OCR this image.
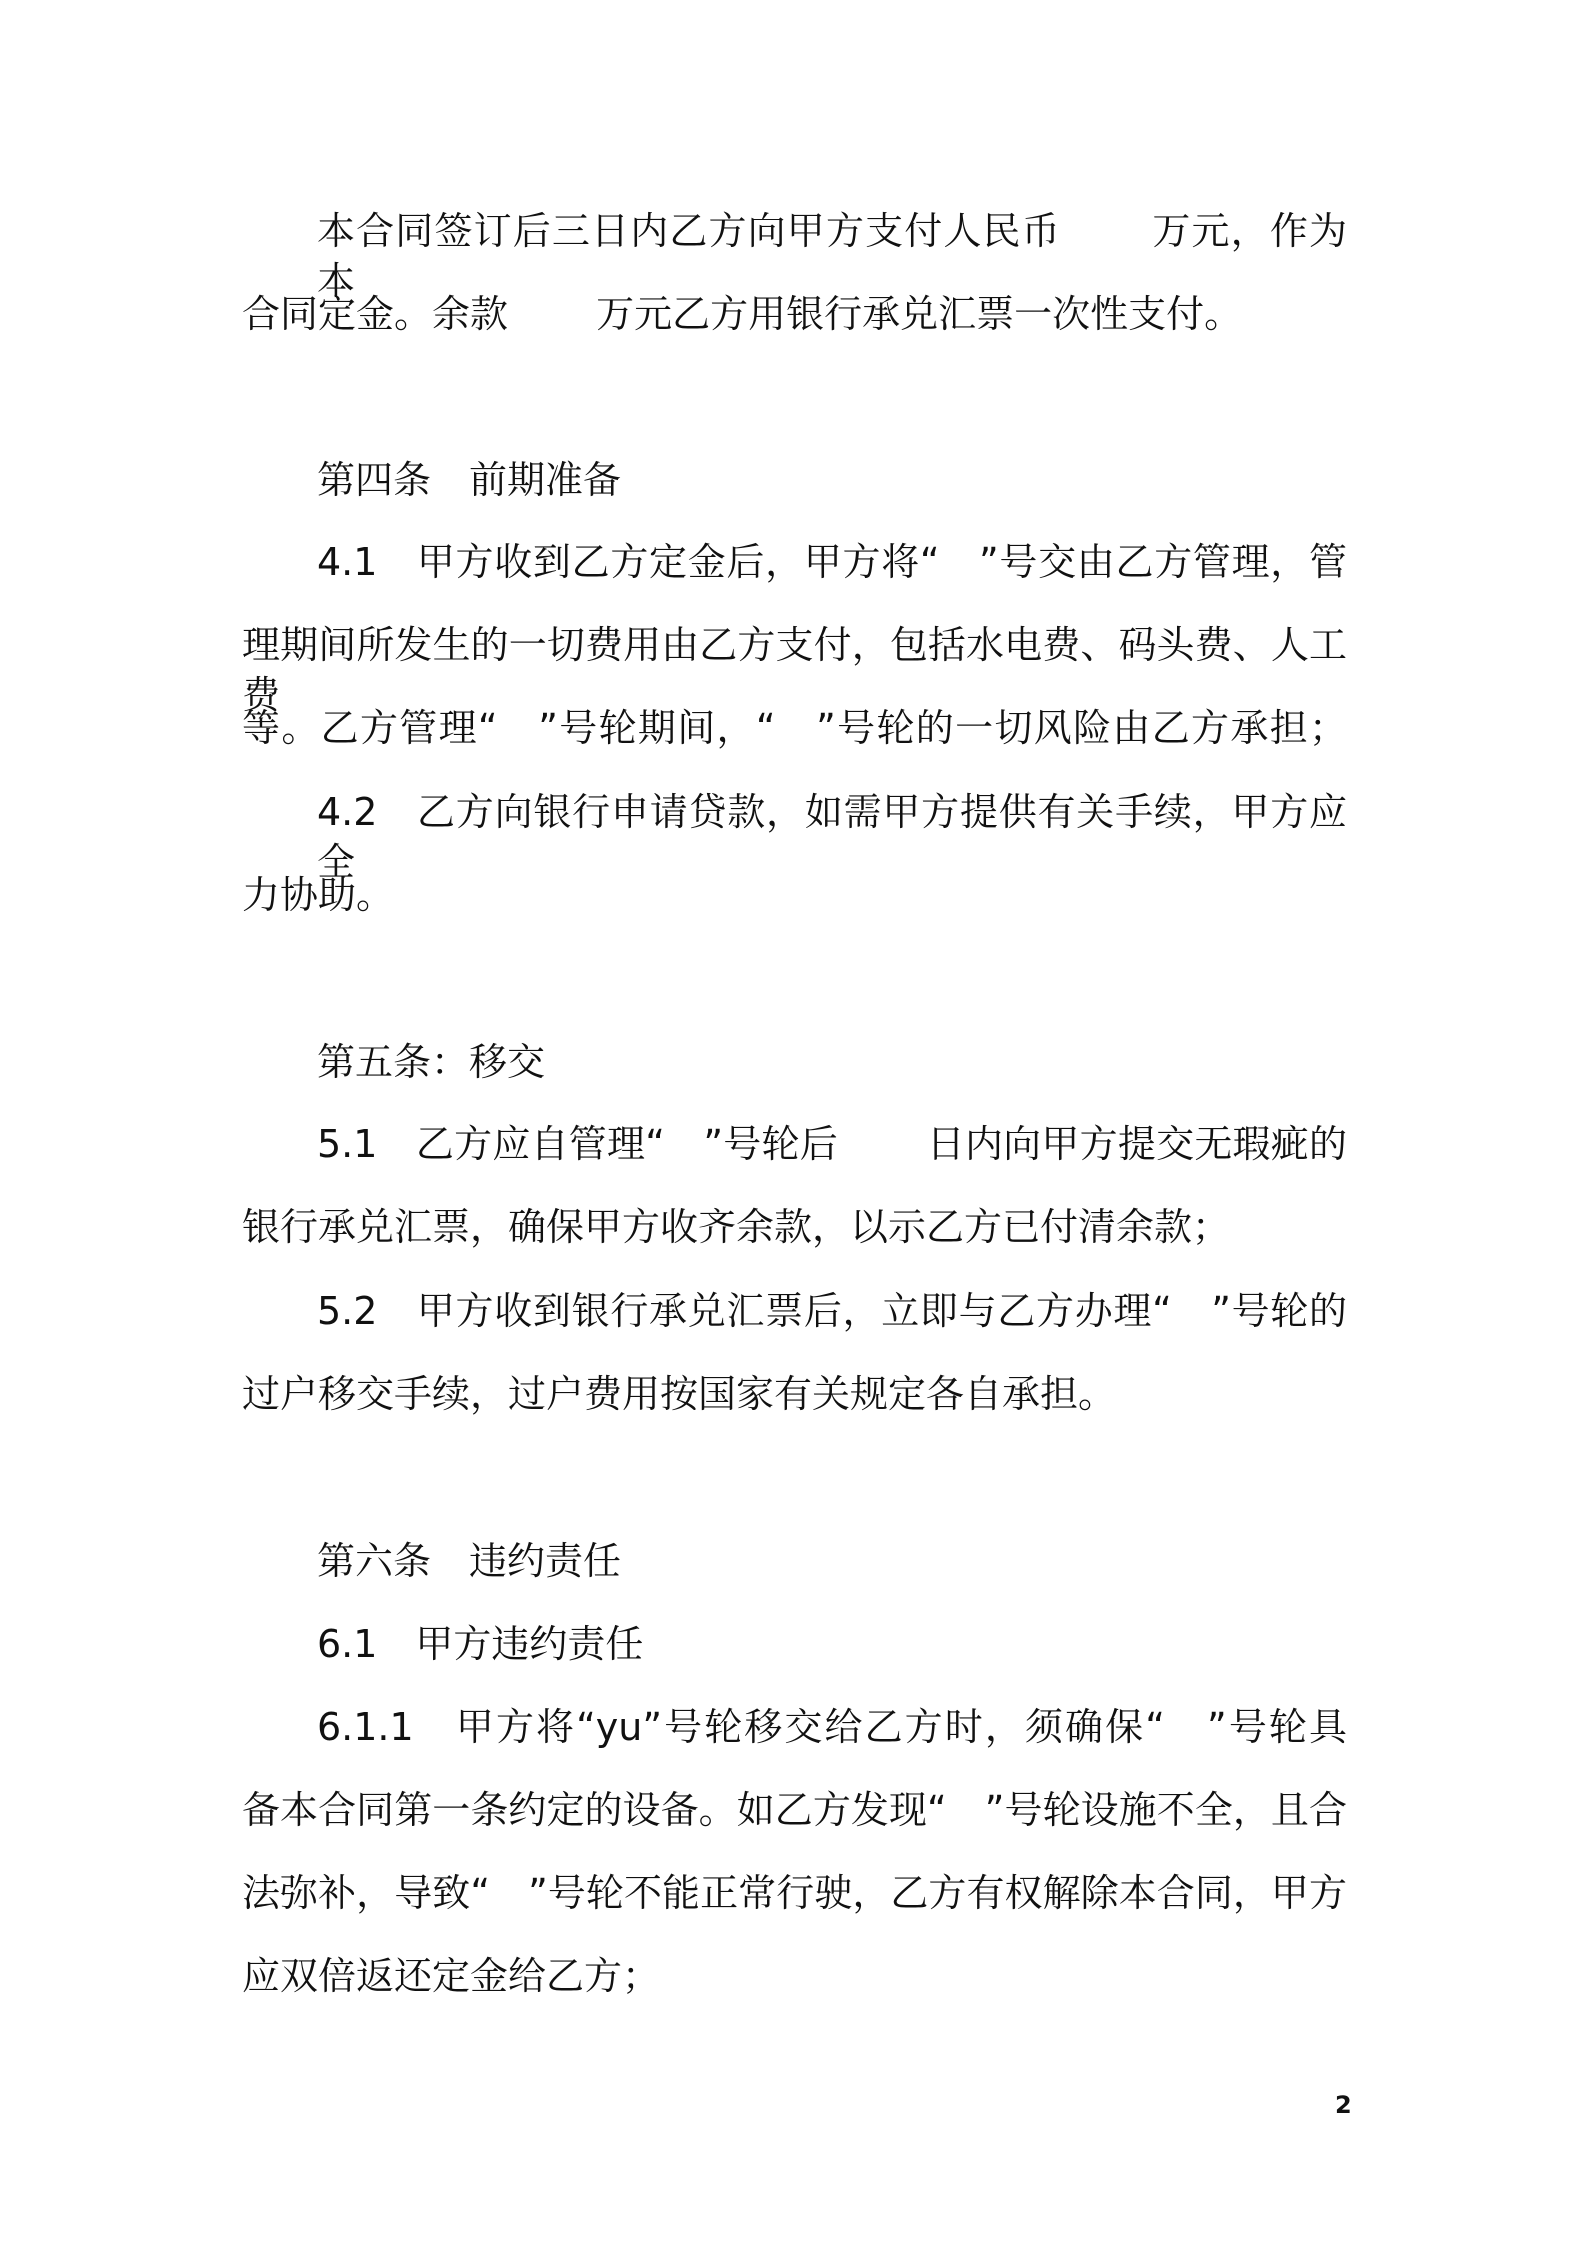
本合同签订后三日内乙方向甲方支付人民币 　　万元，作为本
合同定金。余款 　　万元乙方用银行承兑汇票一次性支付。
第四条　前期准备
4.1　甲方收到乙方定金后，甲方将“　”号交由乙方管理，管
理期间所发生的一切费用由乙方支付，包括水电费、码头费、人工费
等。乙方管理“　”号轮期间，“　”号轮的一切风险由乙方承担；
4.2　乙方向银行申请贷款，如需甲方提供有关手续，甲方应全
力协助。
第五条：移交
5.1　乙方应自管理“　”号轮后 　　日内向甲方提交无瑕疵的
银行承兑汇票，确保甲方收齐余款，以示乙方已付清余款；
5.2　甲方收到银行承兑汇票后，立即与乙方办理“　”号轮的
过户移交手续，过户费用按国家有关规定各自承担。
第六条　违约责任
6.1　甲方违约责任
6.1.1　甲方将“yu”号轮移交给乙方时，须确保“　”号轮具
备本合同第一条约定的设备。如乙方发现“　”号轮设施不全，且合
法弥补，导致“　”号轮不能正常行驶，乙方有权解除本合同，甲方
应双倍返还定金给乙方；
2
